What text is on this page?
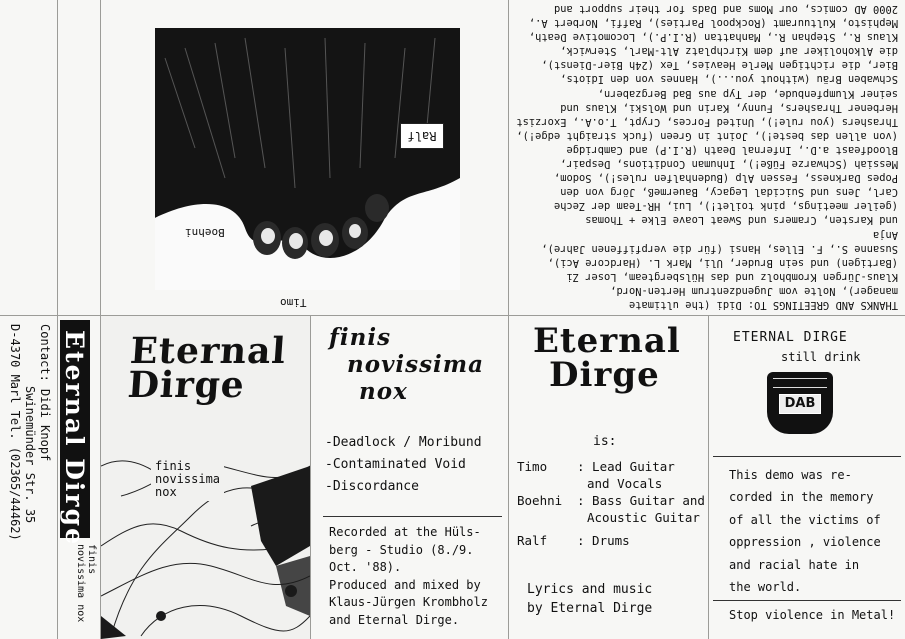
Contact: Didi Knopf
Swinemünder Str. 35
D-4370 Marl Tel. (02365/44462) Eternal Dirge
finis novissima nox
Eternal Dirge
finis
novissima
nox
Ralf
Boehni
Timo	THANKS AND GREETINGS TO: Didi (the ultimate

manager), Nolte vom Jugendzentrum Herten-Nord,

Klaus-Jürgen Krombholz und das Hülsbergteam, Loser Zi

(Bartigen) und sein Bruder, Uli, Mark L. (Hardcore Aci),

Susanne S., F. Elles, Hansi (für die verpfiffenen Jahre), Anja

und Karsten, Cramers und Sweat Loave Elke + Thomas

(geiler meetings, pink toilet!), Lui, HR-Team der Zeche

Carl, Jens und Suicidal Legacy, Bauermeß, Jörg von den

Popes Darkness, Fessen Alp (Budenhalfen rules!), Sodom,

Messiah (Schwarze Füße!), Inhuman Conditions, Despair,

Bloodfeast a.D., Infernal Death (R.I.P) and Cambridge

(von allen das beste!), Joint in Green (fuck straight edge!),

Thrashers (you rule!), United Forces, Crypt, T.o.A., Exorzist

Herbener Thrashers, Funny, Karin und Wolski, Klaus und

seiner Klumpfenbude, der Typ aus Bad Bergzabern,

Schwaben Bräu (without you...), Hannes von den Idiots,

Bier, die richtigen Merle Heavies, Tex (24h Bier-Dienst),

die Alkoholiker auf dem Kirchplatz Alt-Marl, Sterwick,

Klaus R., Stephan R., Manhattan (R.I.P.), Locomotive Death,

Mephisto, Kultuuramt (Rockpool Parties), Raffi, Norbert A.,

2000 AD comics, our Moms and Dads for their support and

finis
novissima
nox
-Deadlock / Moribund
-Contaminated Void
-Discordance
Recorded at the Hüls-
berg - Studio (8./9. Oct. '88).
Produced and mixed by
Klaus-Jürgen Krombholz
and Eternal Dirge.
Eternal
Dirge
is:
Timo	: Lead Guitar
and Vocals

Boehni	: Bass Guitar and
Acoustic Guitar

Ralf	: Drums
Lyrics and music
by Eternal Dirge
ETERNAL DIRGE
still drink
DAB
This demo was re-
corded in the memory
of all the victims of
oppression , violence
and racial hate in
the world.
Stop violence in Metal!
